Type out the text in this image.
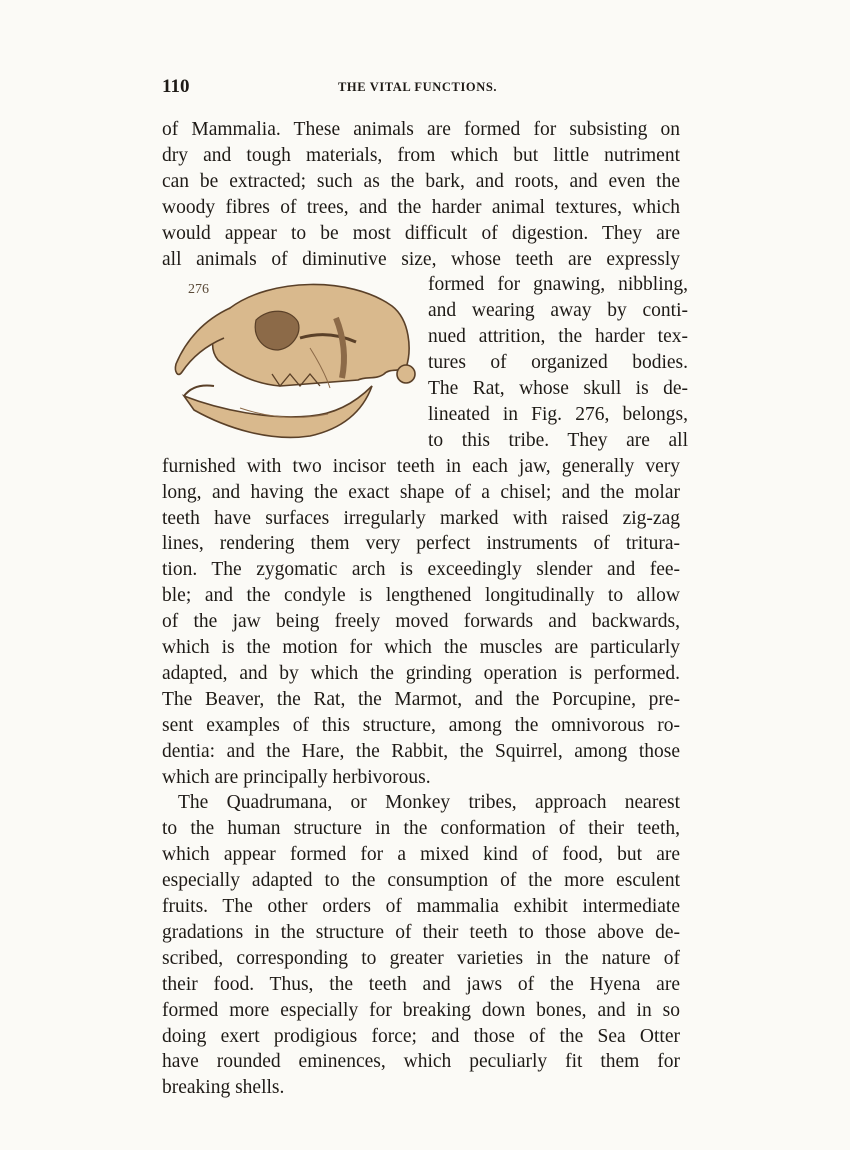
110	THE VITAL FUNCTIONS.
276
of Mammalia. These animals are formed for subsisting on
dry and tough materials, from which but little nutriment
can be extracted; such as the bark, and roots, and even the
woody fibres of trees, and the harder animal textures, which
would appear to be most difficult of digestion. They are
all animals of diminutive size, whose teeth are expressly
formed for gnawing, nibbling,
and wearing away by conti-
nued attrition, the harder tex-
tures of organized bodies.
The Rat, whose skull is de-
lineated in Fig. 276, belongs,
to this tribe. They are all
furnished with two incisor teeth in each jaw, generally very
long, and having the exact shape of a chisel; and the molar
teeth have surfaces irregularly marked with raised zig-zag
lines, rendering them very perfect instruments of tritura-
tion. The zygomatic arch is exceedingly slender and fee-
ble; and the condyle is lengthened longitudinally to allow
of the jaw being freely moved forwards and backwards,
which is the motion for which the muscles are particularly
adapted, and by which the grinding operation is performed.
The Beaver, the Rat, the Marmot, and the Porcupine, pre-
sent examples of this structure, among the omnivorous ro-
dentia: and the Hare, the Rabbit, the Squirrel, among those
which are principally herbivorous.
The Quadrumana, or Monkey tribes, approach nearest
to the human structure in the conformation of their teeth,
which appear formed for a mixed kind of food, but are
especially adapted to the consumption of the more esculent
fruits. The other orders of mammalia exhibit intermediate
gradations in the structure of their teeth to those above de-
scribed, corresponding to greater varieties in the nature of
their food. Thus, the teeth and jaws of the Hyena are
formed more especially for breaking down bones, and in so
doing exert prodigious force; and those of the Sea Otter
have rounded eminences, which peculiarly fit them for
breaking shells.
